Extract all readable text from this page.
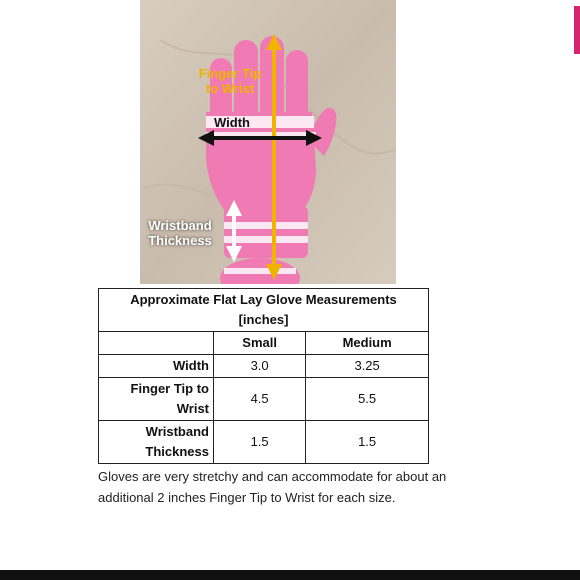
Finger Tip
to Wrist
Width
Wristband
Thickness
Approximate Flat Lay Glove Measurements
[inches]		

	Small	Medium
Width	3.0	3.25

Finger Tip to
Wrist	4.5	5.5

Wristband
Thickness	1.5	1.5
Gloves are very stretchy and can accommodate for about an additional 2 inches Finger Tip to Wrist for each size.
